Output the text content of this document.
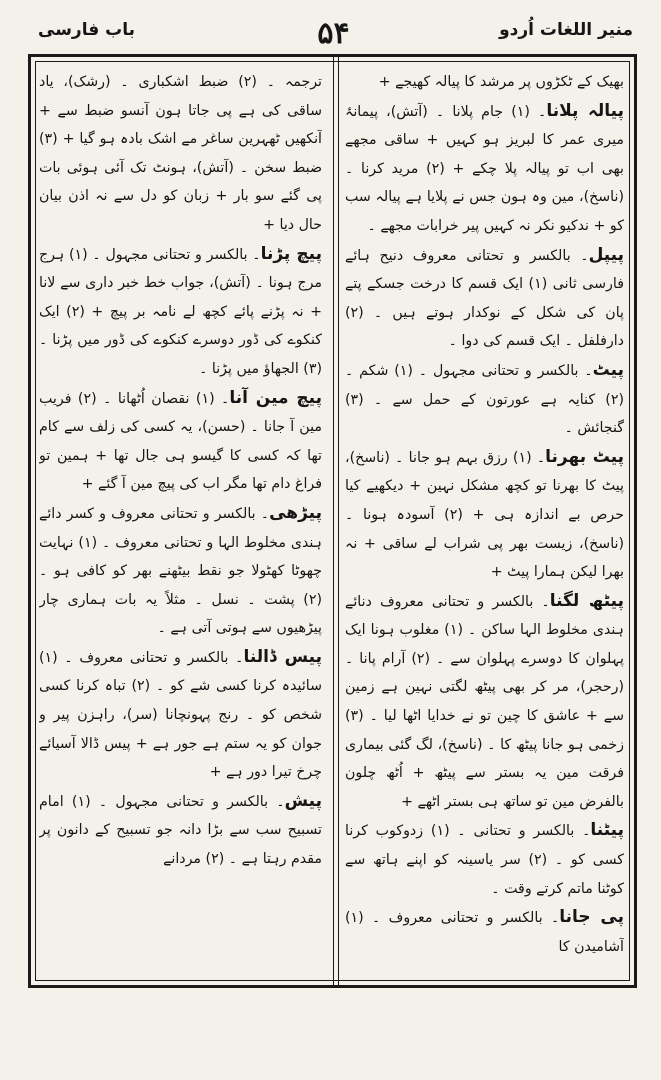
باب فارسی	۵۴	منیر اللغات اُردو

بھیک کے ٹکڑوں پر مرشد کا پیالہ کھیجے +

پیالہ پلانا۔ (۱) جام پلانا ۔ (آتش)، پیمانۂ میری عمر کا لبریز ہو کہیں + ساقی مجھے بھی اب تو پیالہ پلا چکے + (۲) مرید کرنا ۔ (ناسخ)، مین وہ ہون جس نے پلایا ہے پیالہ سب کو + ندکیو نکر نہ کہیں پیر خرابات مجھے ۔

پیپل۔ بالکسر و تحتانی معروف دنیح ہائے فارسی ثانی (۱) ایک قسم کا درخت جسکے پتے پان کی شکل کے نوکدار ہوتے ہیں ۔ (۲) دارفلفل ۔ ایک قسم کی دوا ۔

پیٹ۔ بالکسر و تحتانی مجہول ۔ (۱) شکم ۔ (۲) کنایہ ہے عورتون کے حمل سے ۔ (۳) گنجائش ۔

پیٹ بھرنا۔ (۱) رزق بہم ہو جانا ۔ (ناسخ)، پیٹ کا بھرنا تو کچھ مشکل نہین + دیکھیے کیا حرص بے اندازہ ہی + (۲) آسودہ ہونا ۔ (ناسخ)، زیست بھر پی شراب لے ساقی + نہ بھرا لیکن ہمارا پیٹ +

پیٹھ لگنا۔ بالکسر و تحتانی معروف دنائے ہندی مخلوط الہا ساکن ۔ (۱) مغلوب ہونا ایک پہلوان کا دوسرے پہلوان سے ۔ (۲) آرام پانا ۔ (رحجر)، مر کر بھی پیٹھ لگتی نہین ہے زمین سے + عاشق کا چین تو نے خدایا اٹھا لیا ۔ (۳) زخمی ہو جانا پیٹھ کا ۔ (ناسخ)، لگ گئی بیماری فرقت مین یہ بستر سے پیٹھ + اُٹھ چلون بالفرض مین تو ساتھ ہی بستر اٹھے +

پیٹنا۔ بالکسر و تحتانی ۔ (۱) زدوکوب کرنا کسی کو ۔ (۲) سر یاسینہ کو اپنے ہاتھ سے کوٹنا ماتم کرتے وقت ۔

پی جانا۔ بالکسر و تحتانی معروف ۔ (۱) آشامیدن کا

ترجمہ ۔ (۲) ضبط اشکباری ۔ (رشک)، یاد ساقی کی ہے پی جاتا ہون آنسو ضبط سے + آنکھیں ٹھہرین ساغر مے اشک بادہ ہو گیا + (۳) ضبط سخن ۔ (آتش)، ہونٹ تک آئی ہوئی بات پی گئے سو بار + زبان کو دل سے نہ اذن بیان حال دیا +

پیچ پڑنا۔ بالکسر و تحتانی مجہول ۔ (۱) ہرج مرج ہونا ۔ (آتش)، جواب خط خبر داری سے لانا + نہ پڑنے پائے کچھ لے نامہ بر پیچ + (۲) ایک کنکوے کی ڈور دوسرے کنکوے کی ڈور میں پڑنا ۔ (۳) الجھاؤ میں پڑنا ۔

پیچ مین آنا۔ (۱) نقصان اُٹھانا ۔ (۲) فریب مین آ جانا ۔ (حسن)، یہ کسی کی زلف سے کام تھا کہ کسی کا گیسو ہی جال تھا + ہمین تو فراغ دام تھا مگر اب کی پیچ مین آ گئے +

پیڑھی۔ بالکسر و تحتانی معروف و کسر دائے ہندی مخلوط الہا و تحتانی معروف ۔ (۱) نہایت چھوٹا کھٹولا جو نقط بیٹھنے بھر کو کافی ہو ۔ (۲) پشت ۔ نسل ۔ مثلاً یہ بات ہماری چار پیڑھیوں سے ہوتی آتی ہے ۔

پیس ڈالنا۔ بالکسر و تحتانی معروف ۔ (۱) سائیدہ کرنا کسی شے کو ۔ (۲) تباہ کرنا کسی شخص کو ۔ رنج پہونچانا (سر)، راہزن پیر و جوان کو یہ ستم ہے جور ہے + پیس ڈالا آسیائے چرخ تیرا دور ہے +

پیش۔ بالکسر و تحتانی مجہول ۔ (۱) امام تسبیح سب سے بڑا دانہ جو تسبیح کے دانون پر مقدم رہتا ہے ۔ (۲) مردانے
